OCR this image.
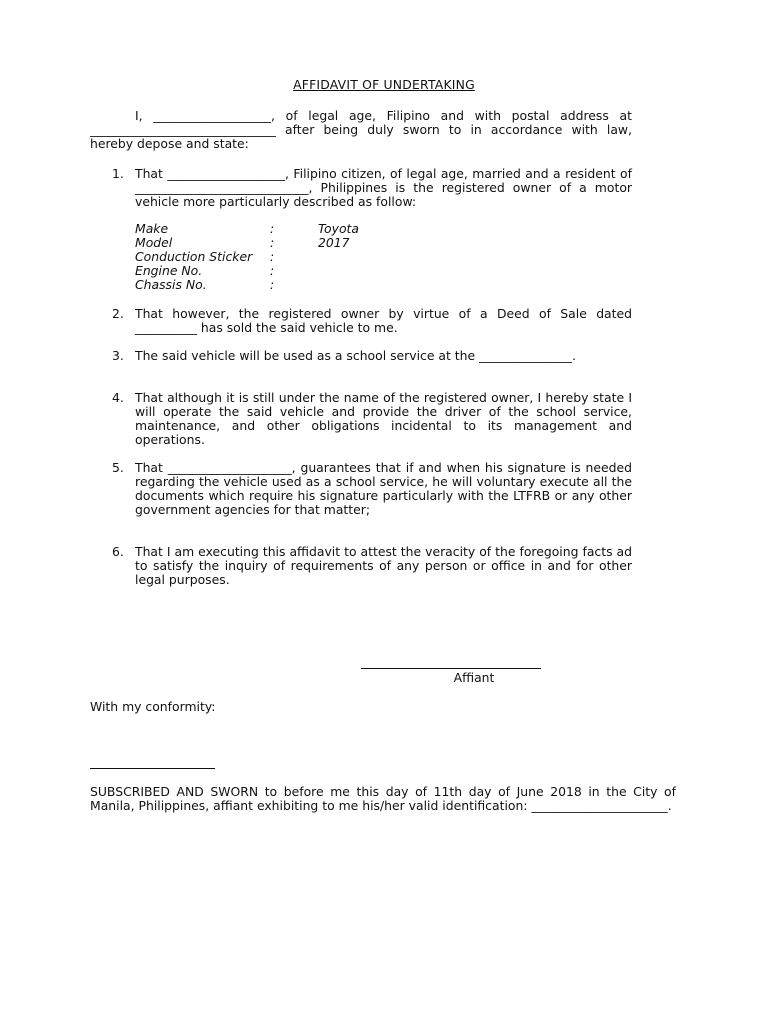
AFFIDAVIT OF UNDERTAKING
I, ___________________, of legal age, Filipino and with postal address at ______________________________ after being duly sworn to in accordance with law, hereby depose and state:
1. That ___________________, Filipino citizen, of legal age, married and a resident of ____________________________, Philippines is the registered owner of a motor vehicle more particularly described as follow:
Make	:	Toyota
Model	:	2017
Conduction Sticker :
Engine No.	:
Chassis No.	:
2. That however, the registered owner by virtue of a Deed of Sale dated __________ has sold the said vehicle to me.
3. The said vehicle will be used as a school service at the _______________.
4. That although it is still under the name of the registered owner, I hereby state I will operate the said vehicle and provide the driver of the school service, maintenance, and other obligations incidental to its management and operations.
5. That ____________________, guarantees that if and when his signature is needed regarding the vehicle used as a school service, he will voluntary execute all the documents which require his signature particularly with the LTFRB or any other government agencies for that matter;
6. That I am executing this affidavit to attest the veracity of the foregoing facts ad to satisfy the inquiry of requirements of any person or office in and for other legal purposes.
Affiant
With my conformity:
SUBSCRIBED AND SWORN to before me this day of 11th day of June 2018 in the City of Manila, Philippines, affiant exhibiting to me his/her valid identification: ______________________.
